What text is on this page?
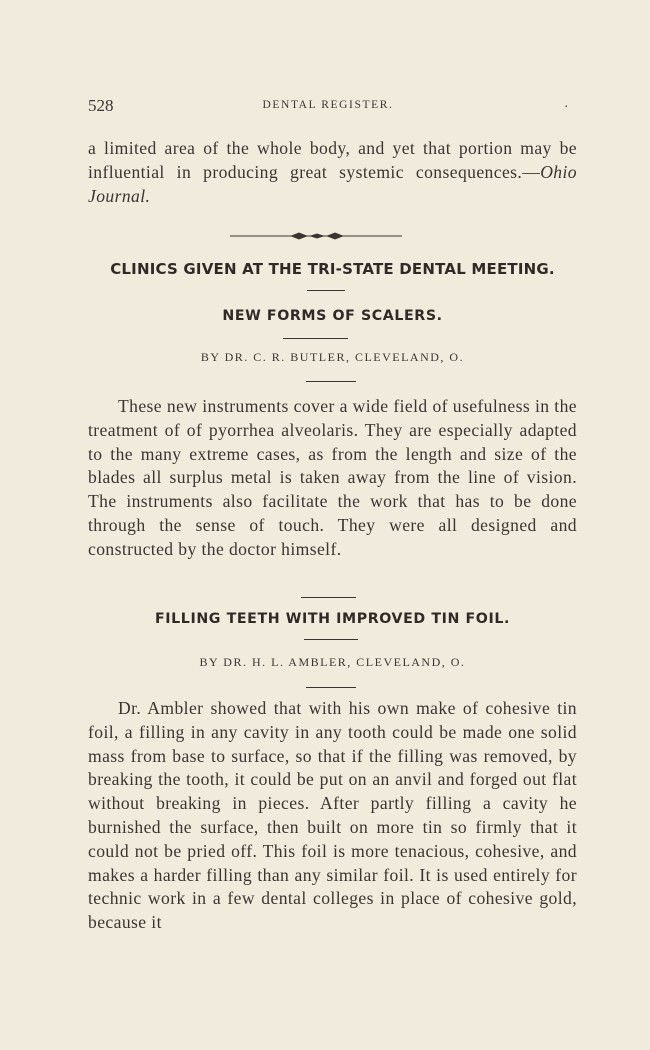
528	DENTAL REGISTER.	.

a limited area of the whole body, and yet that portion may be influential in producing great systemic consequences.—Ohio Journal.

CLINICS GIVEN AT THE TRI-STATE DENTAL MEETING.
NEW FORMS OF SCALERS.
BY DR. C. R. BUTLER, CLEVELAND, O.

These new instruments cover a wide field of usefulness in the treatment of of pyorrhea alveolaris. They are especially adapted to the many extreme cases, as from the length and size of the blades all surplus metal is taken away from the line of vision. The instruments also facilitate the work that has to be done through the sense of touch. They were all designed and constructed by the doctor himself.

FILLING TEETH WITH IMPROVED TIN FOIL.
BY DR. H. L. AMBLER, CLEVELAND, O.

Dr. Ambler showed that with his own make of cohesive tin foil, a filling in any cavity in any tooth could be made one solid mass from base to surface, so that if the filling was removed, by breaking the tooth, it could be put on an anvil and forged out flat without breaking in pieces. After partly filling a cavity he burnished the surface, then built on more tin so firmly that it could not be pried off. This foil is more tenacious, cohesive, and makes a harder filling than any similar foil. It is used entirely for technic work in a few dental colleges in place of cohesive gold, because it
